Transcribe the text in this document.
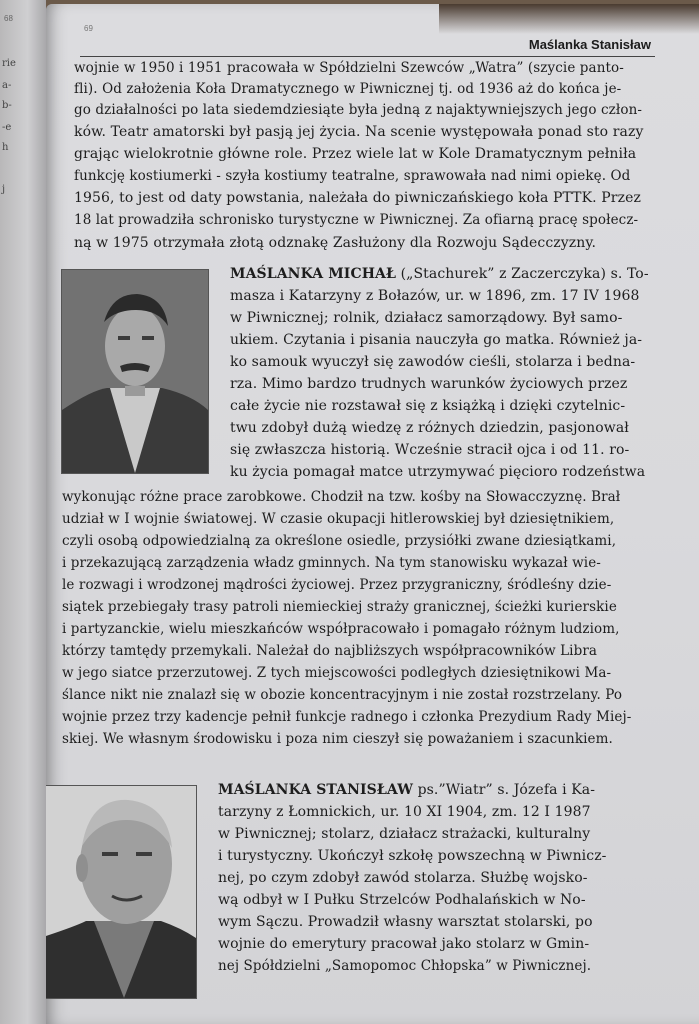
68
rie
a-
b-
-e
h
j
69
Maślanka Stanisław
wojnie w 1950 i 1951 pracowała w Spółdzielni Szewców „Watra” (szycie panto-
fli). Od założenia Koła Dramatycznego w Piwnicznej tj. od 1936 aż do końca je-
go działalności po lata siedemdziesiąte była jedną z najaktywniejszych jego człon-
ków. Teatr amatorski był pasją jej życia. Na scenie występowała ponad sto razy
grając wielokrotnie główne role. Przez wiele lat w Kole Dramatycznym pełniła
funkcję kostiumerki - szyła kostiumy teatralne, sprawowała nad nimi opiekę. Od
1956, to jest od daty powstania, należała do piwniczańskiego koła PTTK. Przez
18 lat prowadziła schronisko turystyczne w Piwnicznej. Za ofiarną pracę społecz-
ną w 1975 otrzymała złotą odznakę Zasłużony dla Rozwoju Sądecczyzny.
MAŚLANKA MICHAŁ („Stachurek” z Zaczerczyka) s. To-
masza i Katarzyny z Bołazów, ur. w 1896, zm. 17 IV 1968
w Piwnicznej; rolnik, działacz samorządowy. Był samo-
ukiem. Czytania i pisania nauczyła go matka. Również ja-
ko samouk wyuczył się zawodów cieśli, stolarza i bedna-
rza. Mimo bardzo trudnych warunków życiowych przez
całe życie nie rozstawał się z książką i dzięki czytelnic-
twu zdobył dużą wiedzę z różnych dziedzin, pasjonował
się zwłaszcza historią. Wcześnie stracił ojca i od 11. ro-
ku życia pomagał matce utrzymywać pięcioro rodzeństwa
wykonując różne prace zarobkowe. Chodził na tzw. kośby na Słowacczyznę. Brał
udział w I wojnie światowej. W czasie okupacji hitlerowskiej był dziesiętnikiem,
czyli osobą odpowiedzialną za określone osiedle, przysiółki zwane dziesiątkami,
i przekazującą zarządzenia władz gminnych. Na tym stanowisku wykazał wie-
le rozwagi i wrodzonej mądrości życiowej. Przez przygraniczny, śródleśny dzie-
siątek przebiegały trasy patroli niemieckiej straży granicznej, ścieżki kurierskie
i partyzanckie, wielu mieszkańców współpracowało i pomagało różnym ludziom,
którzy tamtędy przemykali. Należał do najbliższych współpracowników Libra
w jego siatce przerzutowej. Z tych miejscowości podległych dziesiętnikowi Ma-
ślance nikt nie znalazł się w obozie koncentracyjnym i nie został rozstrzelany. Po
wojnie przez trzy kadencje pełnił funkcje radnego i członka Prezydium Rady Miej-
skiej. We własnym środowisku i poza nim cieszył się poważaniem i szacunkiem.
MAŚLANKA STANISŁAW ps.”Wiatr” s. Józefa i Ka-
tarzyny z Łomnickich, ur. 10 XI 1904, zm. 12 I 1987
w Piwnicznej; stolarz, działacz strażacki, kulturalny
i turystyczny. Ukończył szkołę powszechną w Piwnicz-
nej, po czym zdobył zawód stolarza. Służbę wojsko-
wą odbył w I Pułku Strzelców Podhalańskich w No-
wym Sączu. Prowadził własny warsztat stolarski, po
wojnie do emerytury pracował jako stolarz w Gmin-
nej Spółdzielni „Samopomoc Chłopska” w Piwnicznej.
